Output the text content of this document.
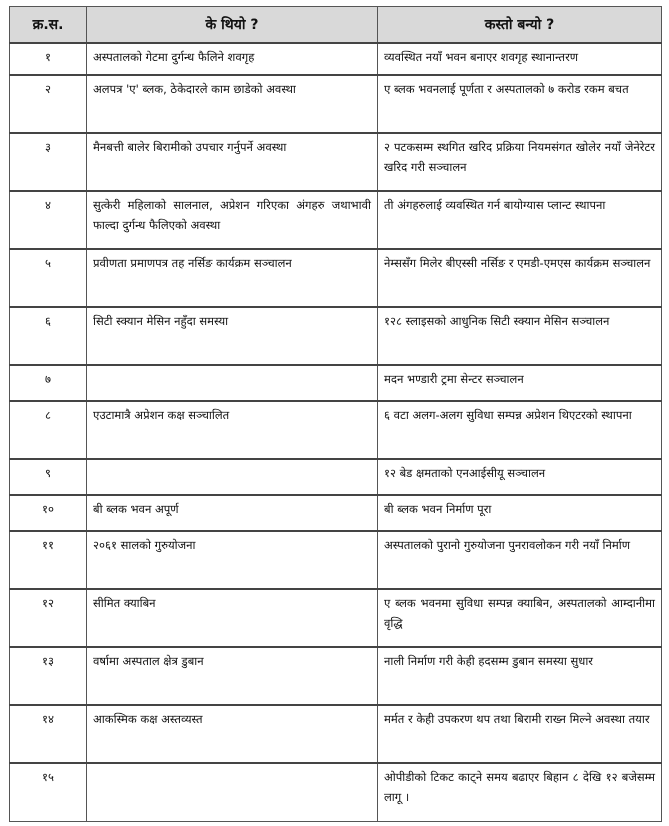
क्र.स.	के थियो ?	कस्तो बन्यो ?
१	अस्पतालको गेटमा दुर्गन्ध फैलिने शवगृह	व्यवस्थित नयाँ भवन बनाएर शवगृह स्थानान्तरण
२	अलपत्र 'ए' ब्लक, ठेकेदारले काम छाडेको अवस्था	ए ब्लक भवनलाई पूर्णता र अस्पतालको ७ करोड रकम बचत
३	मैनबत्ती बालेर बिरामीको उपचार गर्नुपर्ने अवस्था	२ पटकसम्म स्थगित खरिद प्रक्रिया नियमसंगत खोलेर नयाँ जेनेरेटर खरिद गरी सञ्चालन
४	सुत्केरी महिलाको सालनाल, अप्रेशन गरिएका अंगहरु जथाभावी फाल्दा दुर्गन्ध फैलिएको अवस्था	ती अंगहरुलाई व्यवस्थित गर्न बायोग्यास प्लान्ट स्थापना
५	प्रवीणता प्रमाणपत्र तह नर्सिङ कार्यक्रम सञ्चालन	नेम्ससँग मिलेर बीएस्सी नर्सिङ र एमडी-एमएस कार्यक्रम सञ्चालन
६	सिटी स्क्यान मेसिन नहुँदा समस्या	१२८ स्लाइसको आधुनिक सिटी स्क्यान मेसिन सञ्चालन
७		मदन भण्डारी ट्रमा सेन्टर सञ्चालन
८	एउटामात्रै अप्रेशन कक्ष सञ्चालित	६ वटा अलग-अलग सुविधा सम्पन्न अप्रेशन थिएटरको स्थापना
९		१२ बेड क्षमताको एनआईसीयू सञ्चालन
१०	बी ब्लक भवन अपूर्ण	बी ब्लक भवन निर्माण पूरा
११	२०६१ सालको गुरुयोजना	अस्पतालको पुरानो गुरुयोजना पुनरावलोकन गरी नयाँ निर्माण
१२	सीमित क्याबिन	ए ब्लक भवनमा सुविधा सम्पन्न क्याबिन, अस्पतालको आम्दानीमा वृद्धि
१३	वर्षामा अस्पताल क्षेत्र डुबान	नाली निर्माण गरी केही हदसम्म डुबान समस्या सुधार
१४	आकस्मिक कक्ष अस्तव्यस्त	मर्मत र केही उपकरण थप तथा बिरामी राख्न मिल्ने अवस्था तयार
१५		ओपीडीको टिकट काट्ने समय बढाएर बिहान ८ देखि १२ बजेसम्म लागू ।
